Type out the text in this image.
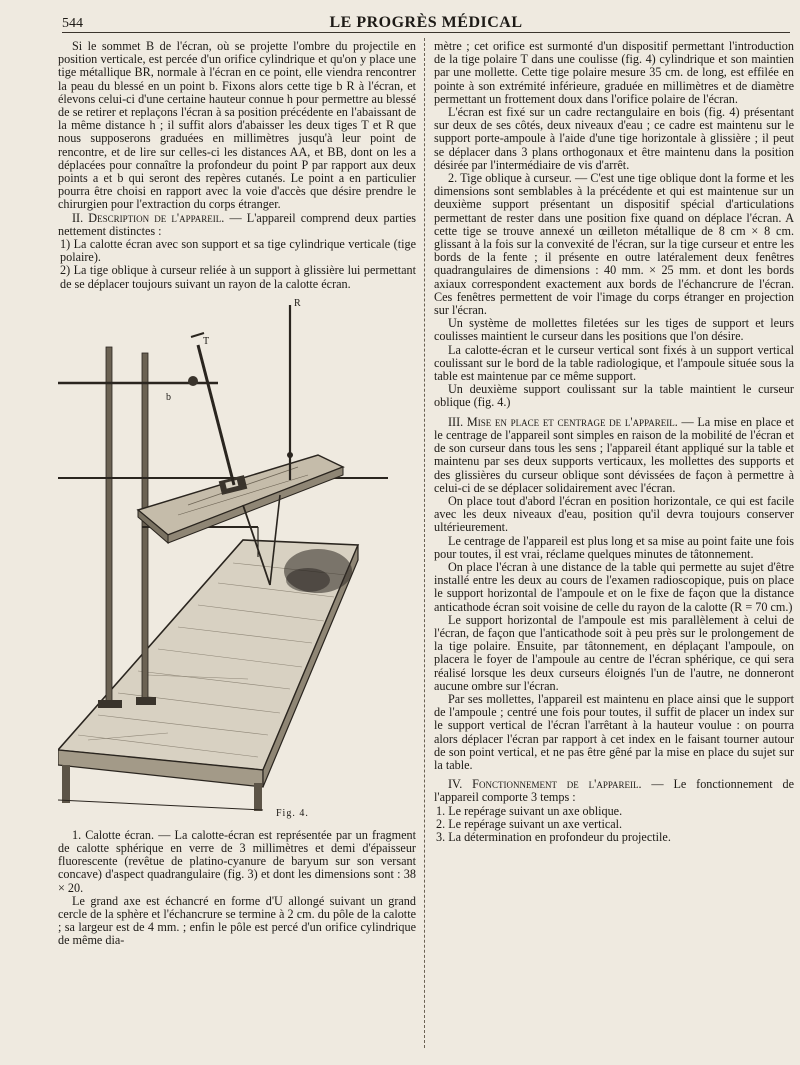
544	LE PROGRÈS MÉDICAL

Si le sommet B de l'écran, où se projette l'ombre du projectile en position verticale, est percée d'un orifice cylindrique et qu'on y place une tige métallique BR, normale à l'écran en ce point, elle viendra rencontrer la peau du blessé en un point b. Fixons alors cette tige b R à l'écran, et élevons celui-ci d'une certaine hauteur connue h pour permettre au blessé de se retirer et replaçons l'écran à sa position précédente en l'abaissant de la même distance h ; il suffit alors d'abaisser les deux tiges T et R que nous supposerons graduées en millimètres jusqu'à leur point de rencontre, et de lire sur celles-ci les distances AA, et BB, dont on les a déplacées pour connaître la profondeur du point P par rapport aux deux points a et b qui seront des repères cutanés. Le point a en particulier pourra être choisi en rapport avec la voie d'accès que désire prendre le chirurgien pour l'extraction du corps étranger.

II. Description de l'appareil. — L'appareil comprend deux parties nettement distinctes :

1) La calotte écran avec son support et sa tige cylindrique verticale (tige polaire).

2) La tige oblique à curseur reliée à un support à glissière lui permettant de se déplacer toujours suivant un rayon de la calotte écran.

R
T
b
Fig. 4.

1. Calotte écran. — La calotte-écran est représentée par un fragment de calotte sphérique en verre de 3 millimètres et demi d'épaisseur fluorescente (revêtue de platino-cyanure de baryum sur son versant concave) d'aspect quadrangulaire (fig. 3) et dont les dimensions sont : 38 × 20.

Le grand axe est échancré en forme d'U allongé suivant un grand cercle de la sphère et l'échancrure se termine à 2 cm. du pôle de la calotte ; sa largeur est de 4 mm. ; enfin le pôle est percé d'un orifice cylindrique de même dia-

mètre ; cet orifice est surmonté d'un dispositif permettant l'introduction de la tige polaire T dans une coulisse (fig. 4) cylindrique et son maintien par une mollette. Cette tige polaire mesure 35 cm. de long, est effilée en pointe à son extrémité inférieure, graduée en millimètres et de diamètre permettant un frottement doux dans l'orifice polaire de l'écran.

L'écran est fixé sur un cadre rectangulaire en bois (fig. 4) présentant sur deux de ses côtés, deux niveaux d'eau ; ce cadre est maintenu sur le support porte-ampoule à l'aide d'une tige horizontale à glissière ; il peut se déplacer dans 3 plans orthogonaux et être maintenu dans la position désirée par l'intermédiaire de vis d'arrêt.

2. Tige oblique à curseur. — C'est une tige oblique dont la forme et les dimensions sont semblables à la précédente et qui est maintenue sur un deuxième support présentant un dispositif spécial d'articulations permettant de rester dans une position fixe quand on déplace l'écran. A cette tige se trouve annexé un œilleton métallique de 8 cm × 8 cm. glissant à la fois sur la convexité de l'écran, sur la tige curseur et entre les bords de la fente ; il présente en outre latéralement deux fenêtres quadrangulaires de dimensions : 40 mm. × 25 mm. et dont les bords axiaux correspondent exactement aux bords de l'échancrure de l'écran. Ces fenêtres permettent de voir l'image du corps étranger en projection sur l'écran.

Un système de mollettes filetées sur les tiges de support et leurs coulisses maintient le curseur dans les positions que l'on désire.

La calotte-écran et le curseur vertical sont fixés à un support vertical coulissant sur le bord de la table radiologique, et l'ampoule située sous la table est maintenue par ce même support.

Un deuxième support coulissant sur la table maintient le curseur oblique (fig. 4.)

III. Mise en place et centrage de l'appareil. — La mise en place et le centrage de l'appareil sont simples en raison de la mobilité de l'écran et de son curseur dans tous les sens ; l'appareil étant appliqué sur la table et maintenu par ses deux supports verticaux, les mollettes des supports et des glissières du curseur oblique sont dévissées de façon à permettre à celui-ci de se déplacer solidairement avec l'écran.

On place tout d'abord l'écran en position horizontale, ce qui est facile avec les deux niveaux d'eau, position qu'il devra toujours conserver ultérieurement.

Le centrage de l'appareil est plus long et sa mise au point faite une fois pour toutes, il est vrai, réclame quelques minutes de tâtonnement.

On place l'écran à une distance de la table qui permette au sujet d'être installé entre les deux au cours de l'examen radioscopique, puis on place le support horizontal de l'ampoule et on le fixe de façon que la distance anticathode écran soit voisine de celle du rayon de la calotte (R = 70 cm.)

Le support horizontal de l'ampoule est mis parallèlement à celui de l'écran, de façon que l'anticathode soit à peu près sur le prolongement de la tige polaire. Ensuite, par tâtonnement, en déplaçant l'ampoule, on placera le foyer de l'ampoule au centre de l'écran sphérique, ce qui sera réalisé lorsque les deux curseurs éloignés l'un de l'autre, ne donneront aucune ombre sur l'écran.

Par ses mollettes, l'appareil est maintenu en place ainsi que le support de l'ampoule ; centré une fois pour toutes, il suffit de placer un index sur le support vertical de l'écran l'arrêtant à la hauteur voulue : on pourra alors déplacer l'écran par rapport à cet index en le faisant tourner autour de son point vertical, et ne pas être gêné par la mise en place du sujet sur la table.

IV. Fonctionnement de l'appareil. — Le fonctionnement de l'appareil comporte 3 temps :

1. Le repérage suivant un axe oblique.

2. Le repérage suivant un axe vertical.

3. La détermination en profondeur du projectile.
